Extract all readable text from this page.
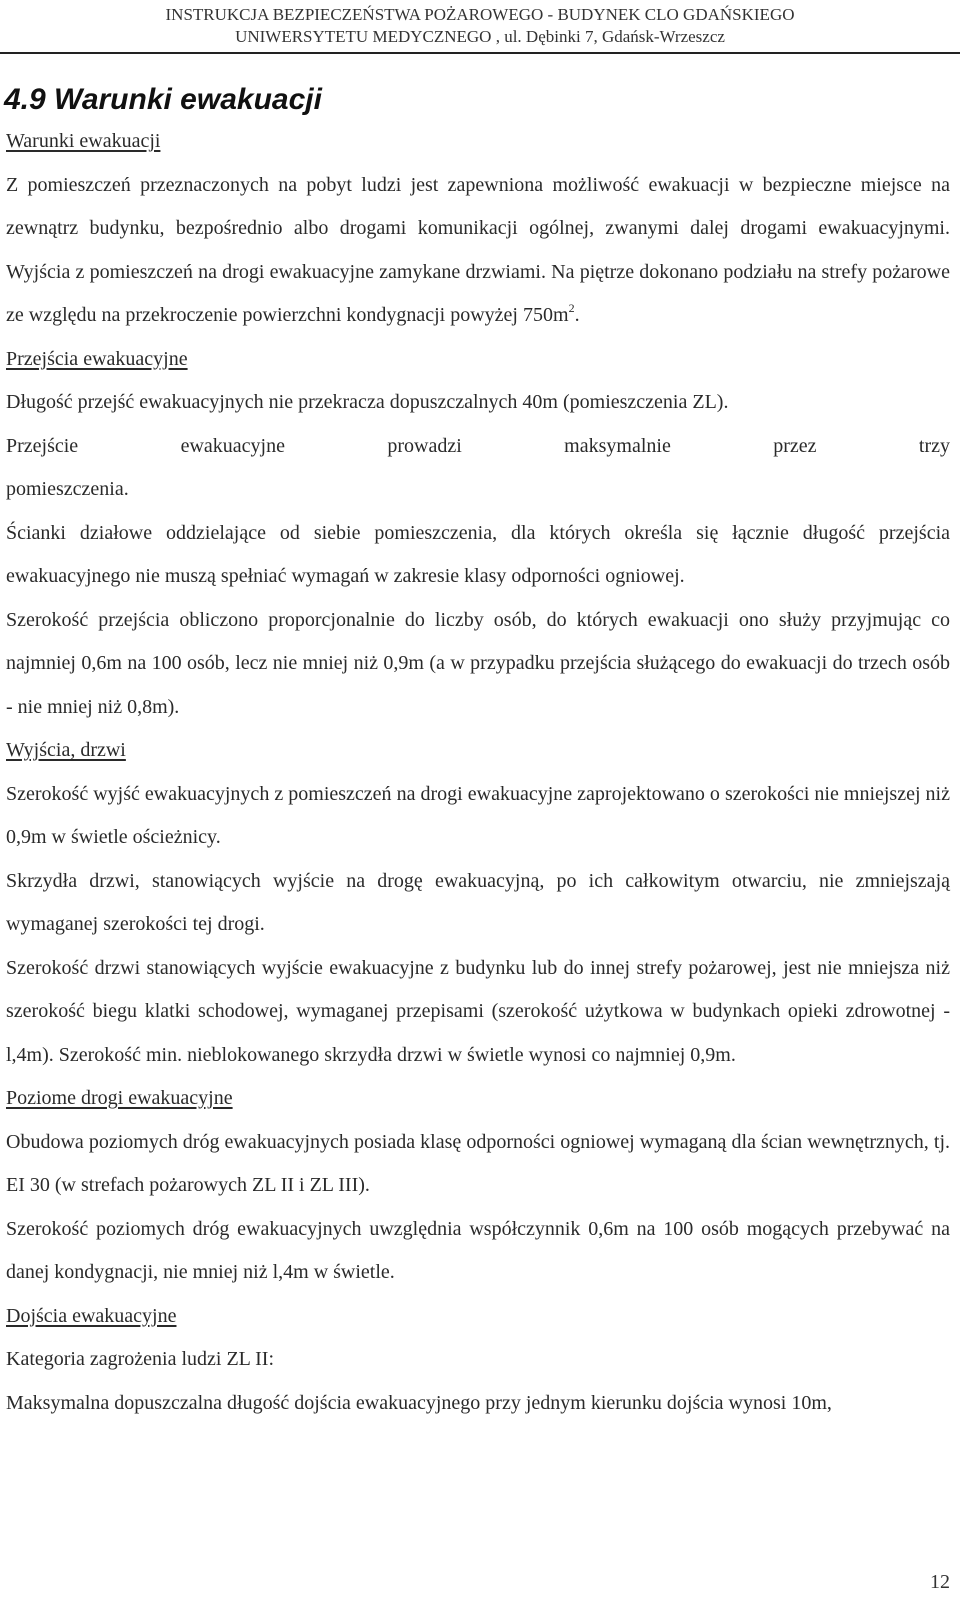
INSTRUKCJA BEZPIECZEŃSTWA POŻAROWEGO - BUDYNEK CLO GDAŃSKIEGO
UNIWERSYTETU MEDYCZNEGO , ul. Dębinki 7, Gdańsk-Wrzeszcz
4.9 Warunki ewakuacji

Warunki ewakuacji

Z pomieszczeń przeznaczonych na pobyt ludzi jest zapewniona możliwość ewakuacji w bezpieczne miejsce na zewnątrz budynku, bezpośrednio albo drogami komunikacji ogólnej, zwanymi dalej drogami ewakuacyjnymi. Wyjścia z pomieszczeń na drogi ewakuacyjne zamykane drzwiami. Na piętrze dokonano podziału na strefy pożarowe ze względu na przekroczenie powierzchni kondygnacji powyżej $750m^2$.

Przejścia ewakuacyjne

Długość przejść ewakuacyjnych nie przekracza dopuszczalnych 40m (pomieszczenia ZL).

Przejście ewakuacyjne prowadzi maksymalnie przez trzy pomieszczenia.

Ścianki działowe oddzielające od siebie pomieszczenia, dla których określa się łącznie długość przejścia ewakuacyjnego nie muszą spełniać wymagań w zakresie klasy odporności ogniowej.

Szerokość przejścia obliczono proporcjonalnie do liczby osób, do których ewakuacji ono służy przyjmując co najmniej 0,6m na 100 osób, lecz nie mniej niż 0,9m (a w przypadku przejścia służącego do ewakuacji do trzech osób - nie mniej niż 0,8m).

Wyjścia, drzwi

Szerokość wyjść ewakuacyjnych z pomieszczeń na drogi ewakuacyjne zaprojektowano o szerokości nie mniejszej niż 0,9m w świetle ościeżnicy.

Skrzydła drzwi, stanowiących wyjście na drogę ewakuacyjną, po ich całkowitym otwarciu, nie zmniejszają wymaganej szerokości tej drogi.

Szerokość drzwi stanowiących wyjście ewakuacyjne z budynku lub do innej strefy pożarowej, jest nie mniejsza niż szerokość biegu klatki schodowej, wymaganej przepisami (szerokość użytkowa w budynkach opieki zdrowotnej - l,4m). Szerokość min. nieblokowanego skrzydła drzwi w świetle wynosi co najmniej 0,9m.

Poziome drogi ewakuacyjne

Obudowa poziomych dróg ewakuacyjnych posiada klasę odporności ogniowej wymaganą dla ścian wewnętrznych, tj. EI 30 (w strefach pożarowych ZL II i ZL III).

Szerokość poziomych dróg ewakuacyjnych uwzględnia współczynnik 0,6m na 100 osób mogących przebywać na danej kondygnacji, nie mniej niż l,4m w świetle.

Dojścia ewakuacyjne

Kategoria zagrożenia ludzi ZL II:

Maksymalna dopuszczalna długość dojścia ewakuacyjnego przy jednym kierunku dojścia wynosi 10m,

12
